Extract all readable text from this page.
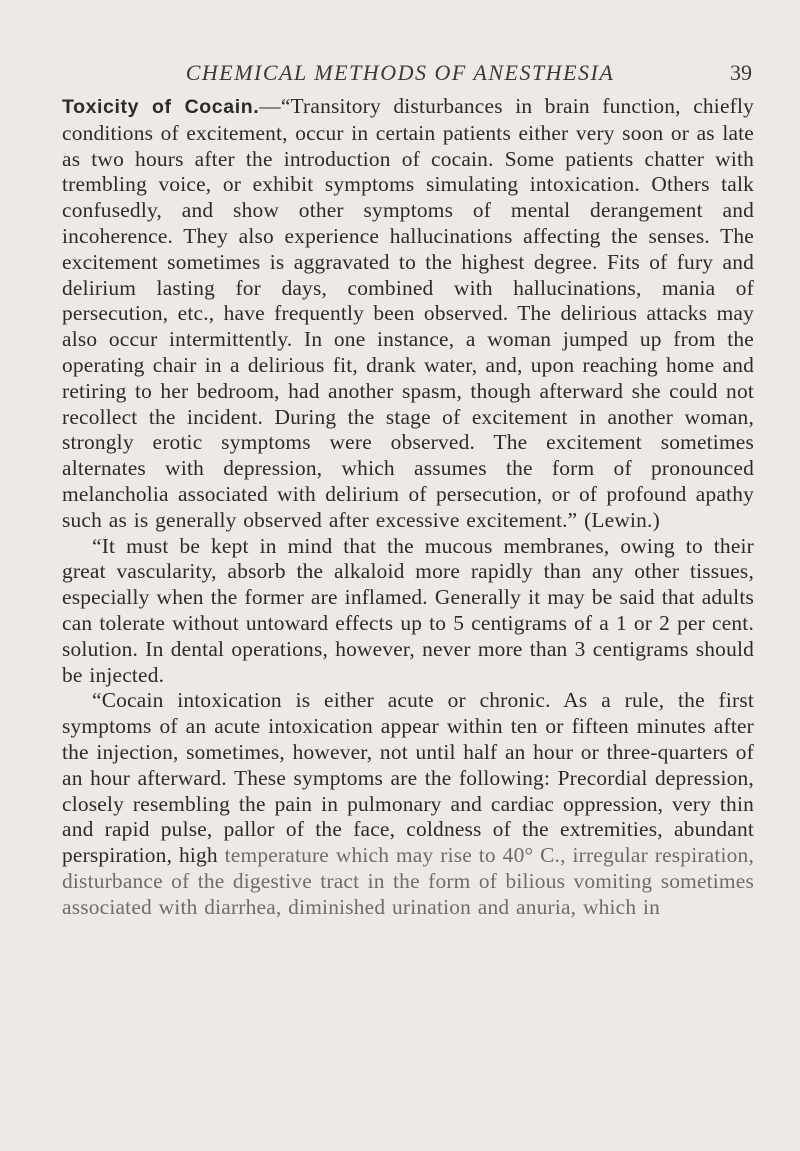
CHEMICAL METHODS OF ANESTHESIA	39

Toxicity of Cocain.—“Transitory disturbances in brain function, chiefly conditions of excitement, occur in certain patients either very soon or as late as two hours after the introduction of cocain. Some patients chatter with trembling voice, or exhibit symptoms simulating intoxication. Others talk confusedly, and show other symptoms of mental derangement and incoherence. They also experience hallucinations affecting the senses. The excitement sometimes is aggravated to the highest degree. Fits of fury and delirium lasting for days, combined with hallucinations, mania of persecution, etc., have frequently been observed. The delirious attacks may also occur intermittently. In one instance, a woman jumped up from the operating chair in a delirious fit, drank water, and, upon reaching home and retiring to her bedroom, had another spasm, though afterward she could not recollect the incident. During the stage of excitement in another woman, strongly erotic symptoms were observed. The excitement sometimes alternates with depression, which assumes the form of pronounced melancholia associated with delirium of persecution, or of profound apathy such as is generally observed after excessive excitement.” (Lewin.)

“It must be kept in mind that the mucous membranes, owing to their great vascularity, absorb the alkaloid more rapidly than any other tissues, especially when the former are inflamed. Generally it may be said that adults can tolerate without untoward effects up to 5 centigrams of a 1 or 2 per cent. solution. In dental operations, however, never more than 3 centigrams should be injected.

“Cocain intoxication is either acute or chronic. As a rule, the first symptoms of an acute intoxication appear within ten or fifteen minutes after the injection, sometimes, however, not until half an hour or three-quarters of an hour afterward. These symptoms are the following: Precordial depression, closely resembling the pain in pulmonary and cardiac oppression, very thin and rapid pulse, pallor of the face, coldness of the extremities, abundant perspiration, high temperature which may rise to 40° C., irregular respiration, disturbance of the digestive tract in the form of bilious vomiting sometimes associated with diarrhea, diminished urination and anuria, which in
